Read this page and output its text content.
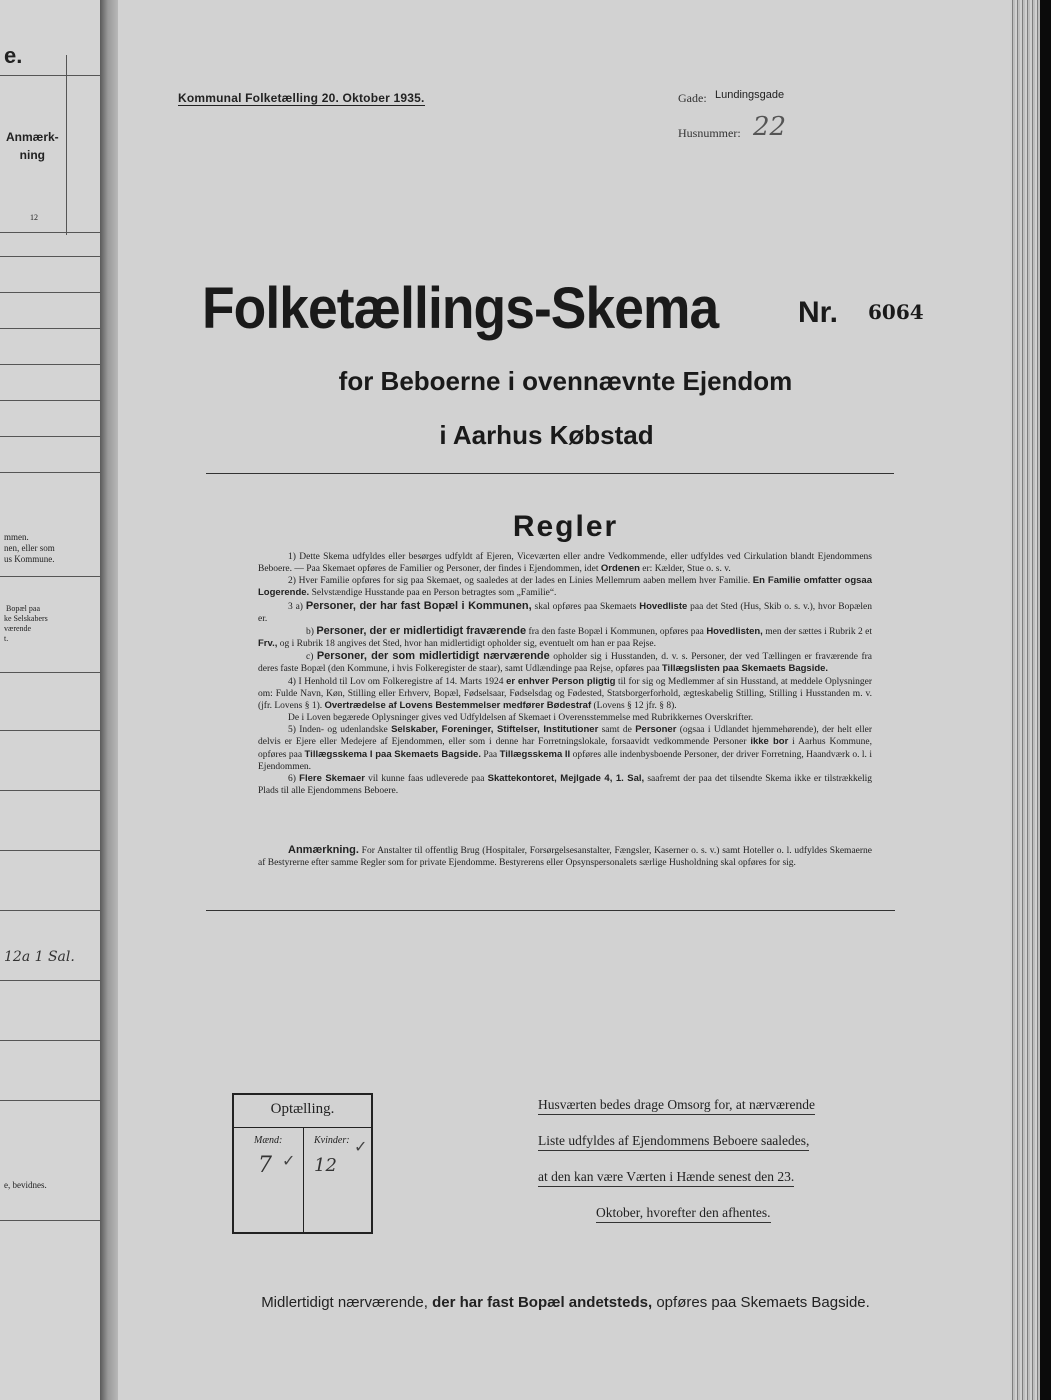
e.
Anmærk-
ning
12
mmen.
nen, eller som
us Kommune.
Bopæl paa
ke Selskabers
værende
t.
12a 1 Sal.
e, bevidnes.
Kommunal Folketælling 20. Oktober 1935.	Gade: Lundingsgade
Husnummer: 22
Folketællings-Skema	Nr. 6064
for Beboerne i ovennævnte Ejendom
i Aarhus Købstad
Regler

1) Dette Skema udfyldes eller besørges udfyldt af Ejeren, Viceværten eller andre Vedkommende, eller udfyldes ved Cirkulation blandt Ejendommens Beboere. — Paa Skemaet opføres de Familier og Personer, der findes i Ejendommen, idet Ordenen er: Kælder, Stue o. s. v.

2) Hver Familie opføres for sig paa Skemaet, og saaledes at der lades en Linies Mellemrum aaben mellem hver Familie. En Familie omfatter ogsaa Logerende. Selvstændige Husstande paa en Person betragtes som „Familie“.

3 a) Personer, der har fast Bopæl i Kommunen, skal opføres paa Skemaets Hovedliste paa det Sted (Hus, Skib o. s. v.), hvor Bopælen er.

b) Personer, der er midlertidigt fraværende fra den faste Bopæl i Kommunen, opføres paa Hovedlisten, men der sættes i Rubrik 2 et Frv., og i Rubrik 18 angives det Sted, hvor han midlertidigt opholder sig, eventuelt om han er paa Rejse.

c) Personer, der som midlertidigt nærværende opholder sig i Husstanden, d. v. s. Personer, der ved Tællingen er fraværende fra deres faste Bopæl (den Kommune, i hvis Folkeregister de staar), samt Udlændinge paa Rejse, opføres paa Tillægslisten paa Skemaets Bagside.

4) I Henhold til Lov om Folkeregistre af 14. Marts 1924 er enhver Person pligtig til for sig og Medlemmer af sin Husstand, at meddele Oplysninger om: Fulde Navn, Køn, Stilling eller Erhverv, Bopæl, Fødselsaar, Fødselsdag og Fødested, Statsborgerforhold, ægteskabelig Stilling, Stilling i Husstanden m. v. (jfr. Lovens § 1). Overtrædelse af Lovens Bestemmelser medfører Bødestraf (Lovens § 12 jfr. § 8).

De i Loven begærede Oplysninger gives ved Udfyldelsen af Skemaet i Overensstemmelse med Rubrikkernes Overskrifter.

5) Inden- og udenlandske Selskaber, Foreninger, Stiftelser, Institutioner samt de Personer (ogsaa i Udlandet hjemmehørende), der helt eller delvis er Ejere eller Medejere af Ejendommen, eller som i denne har Forretningslokale, forsaavidt vedkommende Personer ikke bor i Aarhus Kommune, opføres paa Tillægsskema I paa Skemaets Bagside. Paa Tillægsskema II opføres alle indenbysboende Personer, der driver Forretning, Haandværk o. l. i Ejendommen.

6) Flere Skemaer vil kunne faas udleverede paa Skattekontoret, Mejlgade 4, 1. Sal, saafremt der paa det tilsendte Skema ikke er tilstrækkelig Plads til alle Ejendommens Beboere.

Anmærkning. For Anstalter til offentlig Brug (Hospitaler, Forsørgelsesanstalter, Fængsler, Kaserner o. s. v.) samt Hoteller o. l. udfyldes Skemaerne af Bestyrerne efter samme Regler som for private Ejendomme. Bestyrerens eller Opsynspersonalets særlige Husholdning skal opføres for sig.
Optælling.
Mænd:	Kvinder:
7 ✓ 12
✓
Husværten bedes drage Omsorg for, at nærværende
Liste udfyldes af Ejendommens Beboere saaledes,
at den kan være Værten i Hænde senest den 23.
Oktober, hvorefter den afhentes.
Midlertidigt nærværende, der har fast Bopæl andetsteds, opføres paa Skemaets Bagside.
